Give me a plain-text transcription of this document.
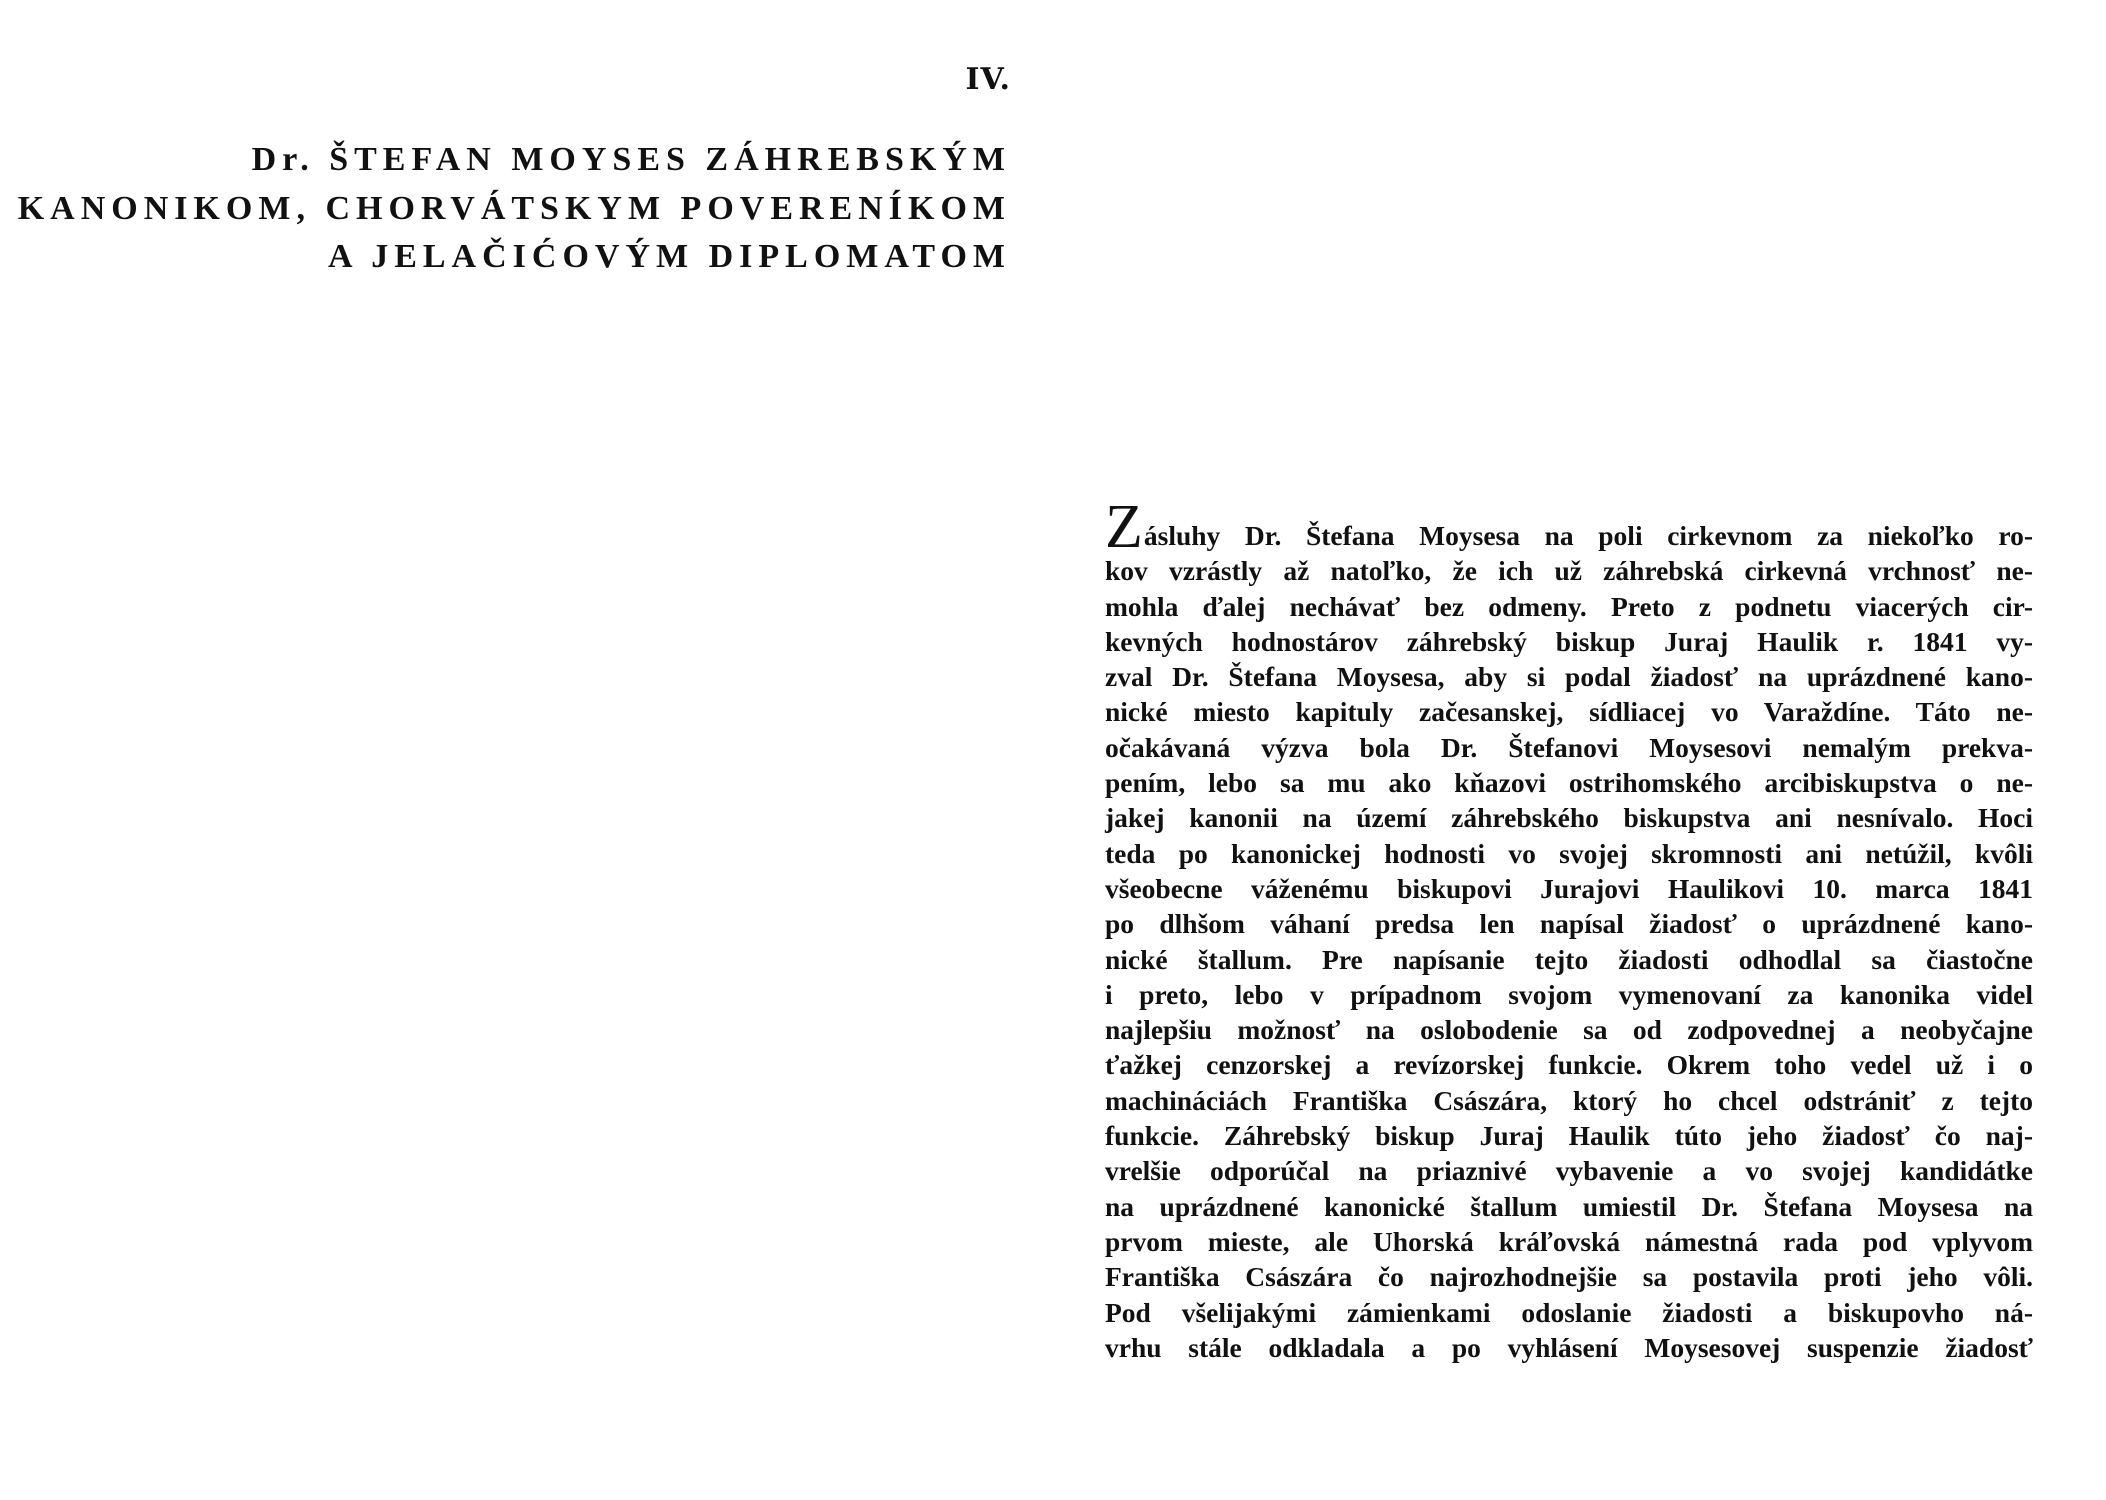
IV.
Dr. ŠTEFAN MOYSES ZÁHREBSKÝM
KANONIKOM, CHORVÁTSKYM POVERENÍKOM
A JELAČIĆOVÝM DIPLOMATOM
Zásluhy Dr. Štefana Moysesa na poli cirkevnom za niekoľko ro-
kov vzrástly až natoľko, že ich už záhrebská cirkevná vrchnosť ne-
mohla ďalej nechávať bez odmeny. Preto z podnetu viacerých cir-
kevných hodnostárov záhrebský biskup Juraj Haulik r. 1841 vy-
zval Dr. Štefana Moysesa, aby si podal žiadosť na uprázdnené kano-
nické miesto kapituly začesanskej, sídliacej vo Varaždíne. Táto ne-
očakávaná výzva bola Dr. Štefanovi Moysesovi nemalým prekva-
pením, lebo sa mu ako kňazovi ostrihomského arcibiskupstva o ne-
jakej kanonii na území záhrebského biskupstva ani nesnívalo. Hoci
teda po kanonickej hodnosti vo svojej skromnosti ani netúžil, kvôli
všeobecne váženému biskupovi Jurajovi Haulikovi 10. marca 1841
po dlhšom váhaní predsa len napísal žiadosť o uprázdnené kano-
nické štallum. Pre napísanie tejto žiadosti odhodlal sa čiastočne
i preto, lebo v prípadnom svojom vymenovaní za kanonika videl
najlepšiu možnosť na oslobodenie sa od zodpovednej a neobyčajne
ťažkej cenzorskej a revízorskej funkcie. Okrem toho vedel už i o
machináciách Františka Császára, ktorý ho chcel odstrániť z tejto
funkcie. Záhrebský biskup Juraj Haulik túto jeho žiadosť čo naj-
vrelšie odporúčal na priaznivé vybavenie a vo svojej kandidátke
na uprázdnené kanonické štallum umiestil Dr. Štefana Moysesa na
prvom mieste, ale Uhorská kráľovská námestná rada pod vplyvom
Františka Császára čo najrozhodnejšie sa postavila proti jeho vôli.
Pod všelijakými zámienkami odoslanie žiadosti a biskupovho ná-
vrhu stále odkladala a po vyhlásení Moysesovej suspenzie žiadosť
